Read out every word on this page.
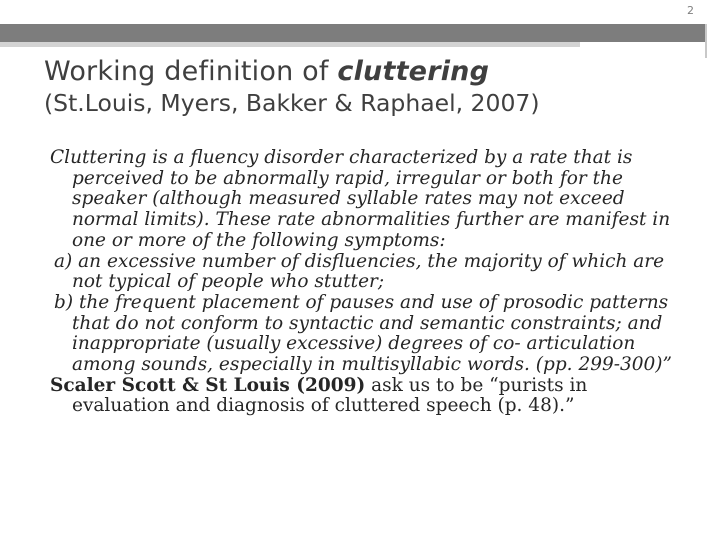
2
Working definition of cluttering
(St.Louis, Myers, Bakker & Raphael, 2007)

Cluttering is a fluency disorder characterized by a rate that is perceived to be abnormally rapid, irregular or both for the speaker (although measured syllable rates may not exceed normal limits). These rate abnormalities further are manifest in one or more of the following symptoms:

a) an excessive number of disfluencies, the majority of which are not typical of people who stutter;

b) the frequent placement of pauses and use of prosodic patterns that do not conform to syntactic and semantic constraints; and inappropriate (usually excessive) degrees of co- articulation among sounds, especially in multisyllabic words. (pp. 299-300)”

Scaler Scott & St Louis (2009) ask us to be “purists in evaluation and diagnosis of cluttered speech (p. 48).”
